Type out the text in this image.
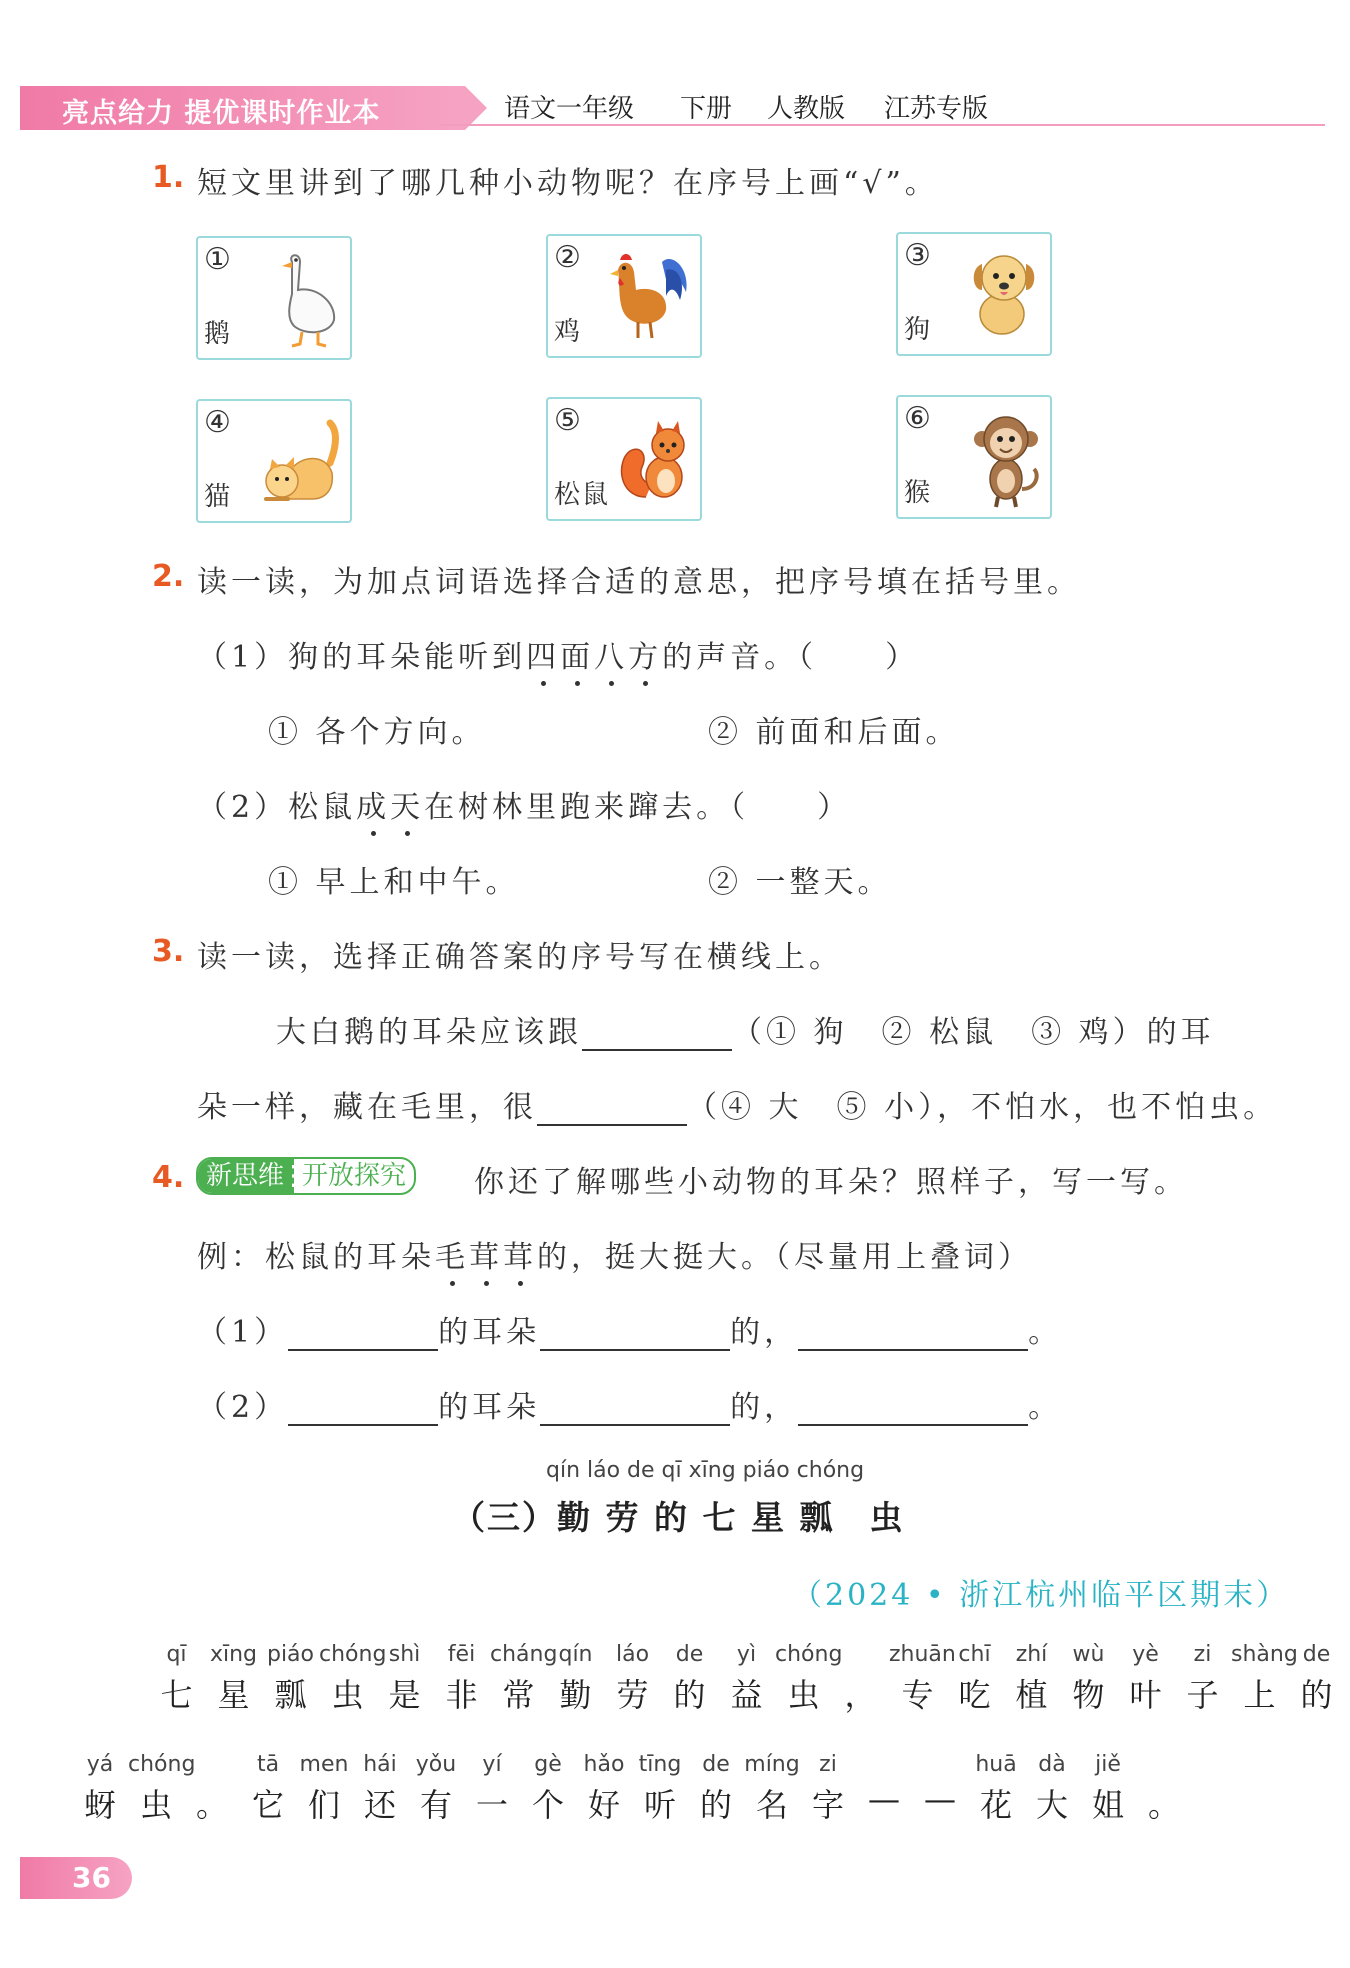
亮点给力 提优课时作业本	语文一年级 下册 人教版 江苏专版
1. 短文里讲到了哪几种小动物呢？在序号上画“√”。
①
鹅
②
鸡
③
狗
④
猫
⑤
松鼠
⑥
猴
2. 读一读，为加点词语选择合适的意思，把序号填在括号里。
（1）狗的耳朵能听到四面八方的声音。（　　）
① 各个方向。	② 前面和后面。
（2）松鼠成天在树林里跑来蹿去。（　　）
① 早上和中午。	② 一整天。
3. 读一读，选择正确答案的序号写在横线上。
大白鹅的耳朵应该跟	（① 狗　② 松鼠　③ 鸡）的耳
朵一样，藏在毛里，很	（④ 大　⑤ 小），不怕水，也不怕虫。
4. 新思维 开放探究	你还了解哪些小动物的耳朵？照样子，写一写。
例：松鼠的耳朵毛茸茸的，挺大挺大。（尽量用上叠词）
（1）	的耳朵	的，	。
（2）	的耳朵	的，	。
qín láo de qī xīng piáo chóng
（三）勤 劳 的 七 星 瓢　虫
（2024 • 浙江杭州临平区期末）
qī
七
xīng
星
piáo
瓢
chóng
虫
shì
是
fēi
非
cháng
常
qín
勤
láo
劳
de
的
yì
益
chóng
虫 ，
zhuān
专
chī
吃
zhí
植
wù
物
yè
叶
zi
子
shàng
上
de
的
yá
蚜
chóng
虫 。
tā
它
men
们
hái
还
yǒu
有
yí
一
gè
个
hǎo
好
tīng
听
de
的
míng
名
zi
字 — —
huā
花
dà
大
jiě
姐 。
36
